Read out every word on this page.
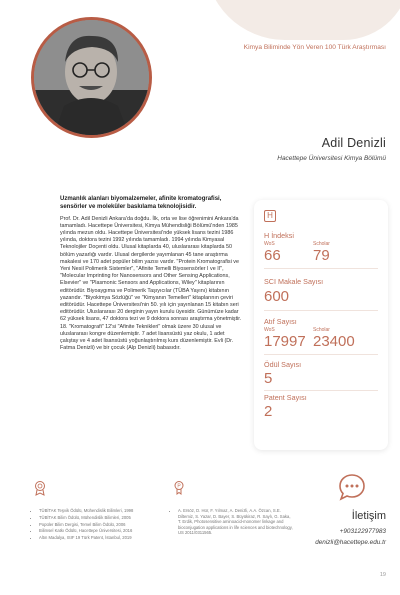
Kimya Biliminde Yön Veren 100 Türk Araştırması
Adil Denizli
Hacettepe Üniversitesi Kimya Bölümü

Uzmanlık alanları biyomalzemeler, afinite kromatografisi, sensörler ve moleküler baskılama teknolojisidir.

Prof. Dr. Adil Denizli Ankara'da doğdu. İlk, orta ve lise öğrenimini Ankara'da tamamladı. Hacettepe Üniversitesi, Kimya Mühendisliği Bölümü'nden 1985 yılında mezun oldu. Hacettepe Üniversitesi'nde yüksek lisans tezini 1986 yılında, doktora tezini 1992 yılında tamamladı. 1994 yılında Kimyasal Teknolojiler Doçenti oldu. Ulusal kitaplarda 40, uluslararası kitaplarda 50 bölüm yazarlığı vardır. Ulusal dergilerde yayımlanan 45 tane araştırma makalesi ve 170 adet popüler bilim yazısı vardır. "Protein Kromatografisi ve Yeni Nesil Polimerik Sistemler", "Afinite Temelli Biyosensörler I ve II", "Molecular Imprinting for Nanosensors and Other Sensing Applications, Elsevier" ve "Plasmonic Sensors and Applications, Wiley" kitaplarının editörüdür. Biyoaygıma ve Polimerik Taşıyıcılar (TÜBA Yayını) kitabının yazarıdır. "Biyokimya Sözlüğü" ve "Kimyanın Temelleri" kitaplarının çeviri editörüdür. Hacettepe Üniversitesi'nin 50. yılı için yayınlanan 15 kitabın seri editörüdür. Uluslararası 20 derginin yayın kurulu üyesidir. Günümüze kadar 62 yüksek lisans, 47 doktora tezi ve 9 doktora sonrası araştırma yönetmiştir. 18. "Kromatografi" 12'si "Afinite Teknikleri" olmak üzere 30 ulusal ve uluslararası kongre düzenlemiştir. 7 adet lisansüstü yaz okulu, 1 adet çalıştay ve 4 adet lisansüstü yoğunlaştırılmış kurs düzenlemiştir. Evli (Dr. Fatma Denizli) ve bir çocuk (Alp Denizli) babasıdır.

H
H İndeksi
WoS	Scholar
66 79
SCI Makale Sayısı
600
Atıf Sayısı
WoS	Scholar
17997 23400
Ödül Sayısı
5
Patent Sayısı
2
• TÜBİTAK Teşvik Ödülü, Mühendislik Bilimleri, 1998
• TÜBİTAK Bilim Ödülü, Mühendislik Bilimleri, 2005
• Popüler Bilim Dergisi, Temel Bilim Ödülü, 2006
• Bilimsel Katkı Ödülü, Hacettepe Üniversitesi, 2016
• Altın Madalya, ISIF 19 Türk Patent, İstanbul, 2019
P
• A. Ersöz, D. Hür, F. Yılmaz, A. Denizli, A.A. Özcan, S.E. Diltemiz, S. Yazar, D. Bayer, S. Büyükiraz, R. Saylı, G. Saka, T. Erdik, Photosensitive aminoacid-monomer linkage and bioconjugation applications in life sciences and biotechnology, US 2011/0311565.
İletişim
+903122977983
denizli@hacettepe.edu.tr
19
